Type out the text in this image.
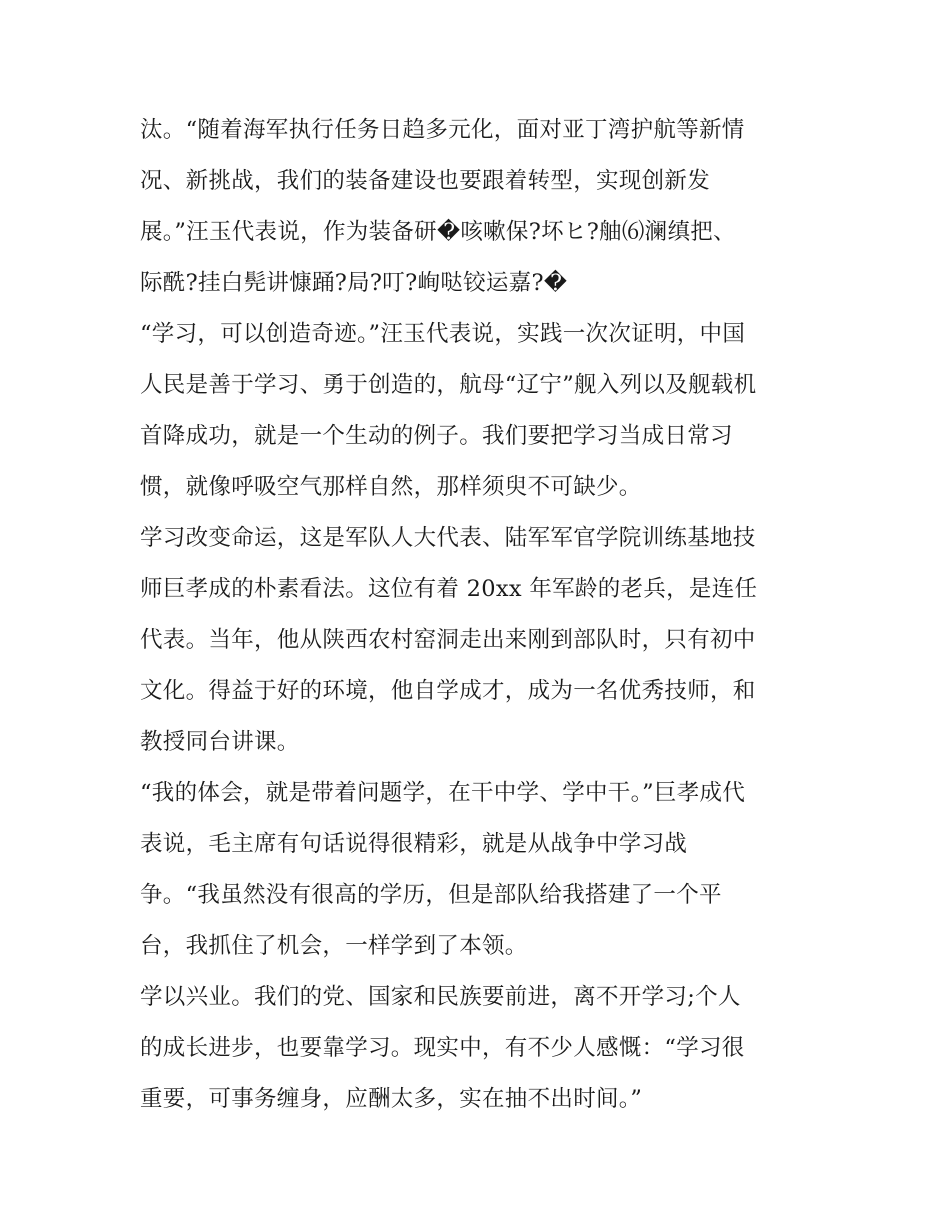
汰。“随着海军执行任务日趋多元化，面对亚丁湾护航等新情
况、新挑战，我们的装备建设也要跟着转型，实现创新发
展。”汪玉代表说，作为装备研�咳嗽保?坏ヒ?舳⑹澜缜把、
际酰?挂白髡讲慷踊?局?叮?峋哒铰运嘉?�
“学习，可以创造奇迹。”汪玉代表说，实践一次次证明，中国
人民是善于学习、勇于创造的，航母“辽宁”舰入列以及舰载机
首降成功，就是一个生动的例子。我们要把学习当成日常习
惯，就像呼吸空气那样自然，那样须臾不可缺少。
学习改变命运，这是军队人大代表、陆军军官学院训练基地技
师巨孝成的朴素看法。这位有着 20xx 年军龄的老兵，是连任
代表。当年，他从陕西农村窑洞走出来刚到部队时，只有初中
文化。得益于好的环境，他自学成才，成为一名优秀技师，和
教授同台讲课。
“我的体会，就是带着问题学，在干中学、学中干。”巨孝成代
表说，毛主席有句话说得很精彩，就是从战争中学习战
争。“我虽然没有很高的学历，但是部队给我搭建了一个平
台，我抓住了机会，一样学到了本领。
学以兴业。我们的党、国家和民族要前进，离不开学习;个人
的成长进步，也要靠学习。现实中，有不少人感慨：“学习很
重要，可事务缠身，应酬太多，实在抽不出时间。”
